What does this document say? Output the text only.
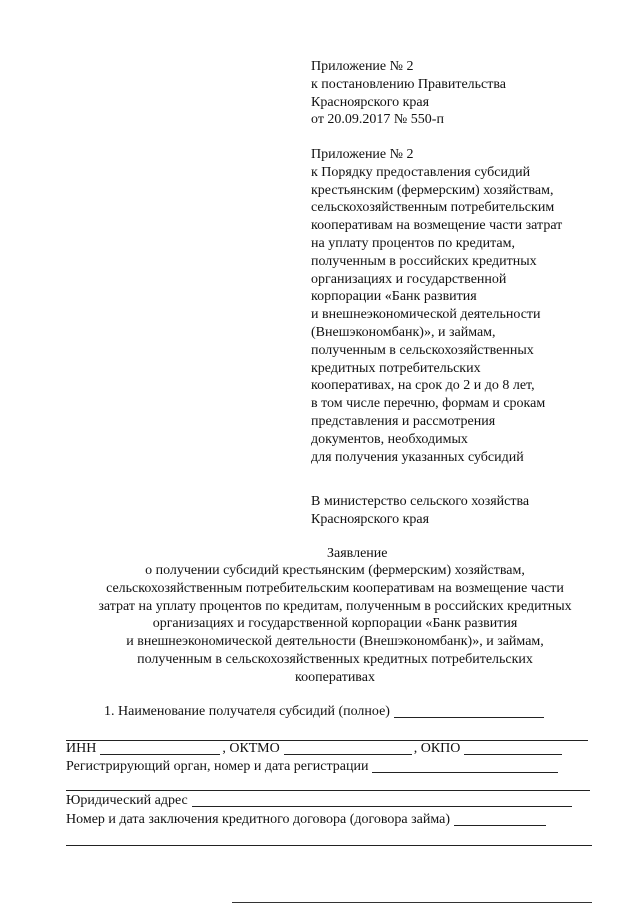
Приложение № 2
к постановлению Правительства
Красноярского края
от 20.09.2017 № 550-п
Приложение № 2
к Порядку предоставления субсидий
крестьянским (фермерским) хозяйствам,
сельскохозяйственным потребительским
кооперативам на возмещение части затрат
на уплату процентов по кредитам,
полученным в российских кредитных
организациях и государственной
корпорации «Банк развития
и внешнеэкономической деятельности
(Внешэкономбанк)», и займам,
полученным в сельскохозяйственных
кредитных потребительских
кооперативах, на срок до 2 и до 8 лет,
в том числе перечню, формам и срокам
представления и рассмотрения
документов, необходимых
для получения указанных субсидий
В министерство сельского хозяйства
Красноярского края
Заявление
о получении субсидий крестьянским (фермерским) хозяйствам,
сельскохозяйственным потребительским кооперативам на возмещение части
затрат на уплату процентов по кредитам, полученным в российских кредитных
организациях и государственной корпорации «Банк развития
и внешнеэкономической деятельности (Внешэкономбанк)», и займам,
полученным в сельскохозяйственных кредитных потребительских
кооперативах
1. Наименование получателя субсидий (полное)
ИНН	, ОКТМО	, ОКПО
Регистрирующий орган, номер и дата регистрации
Юридический адрес
Номер и дата заключения кредитного договора (договора займа)
